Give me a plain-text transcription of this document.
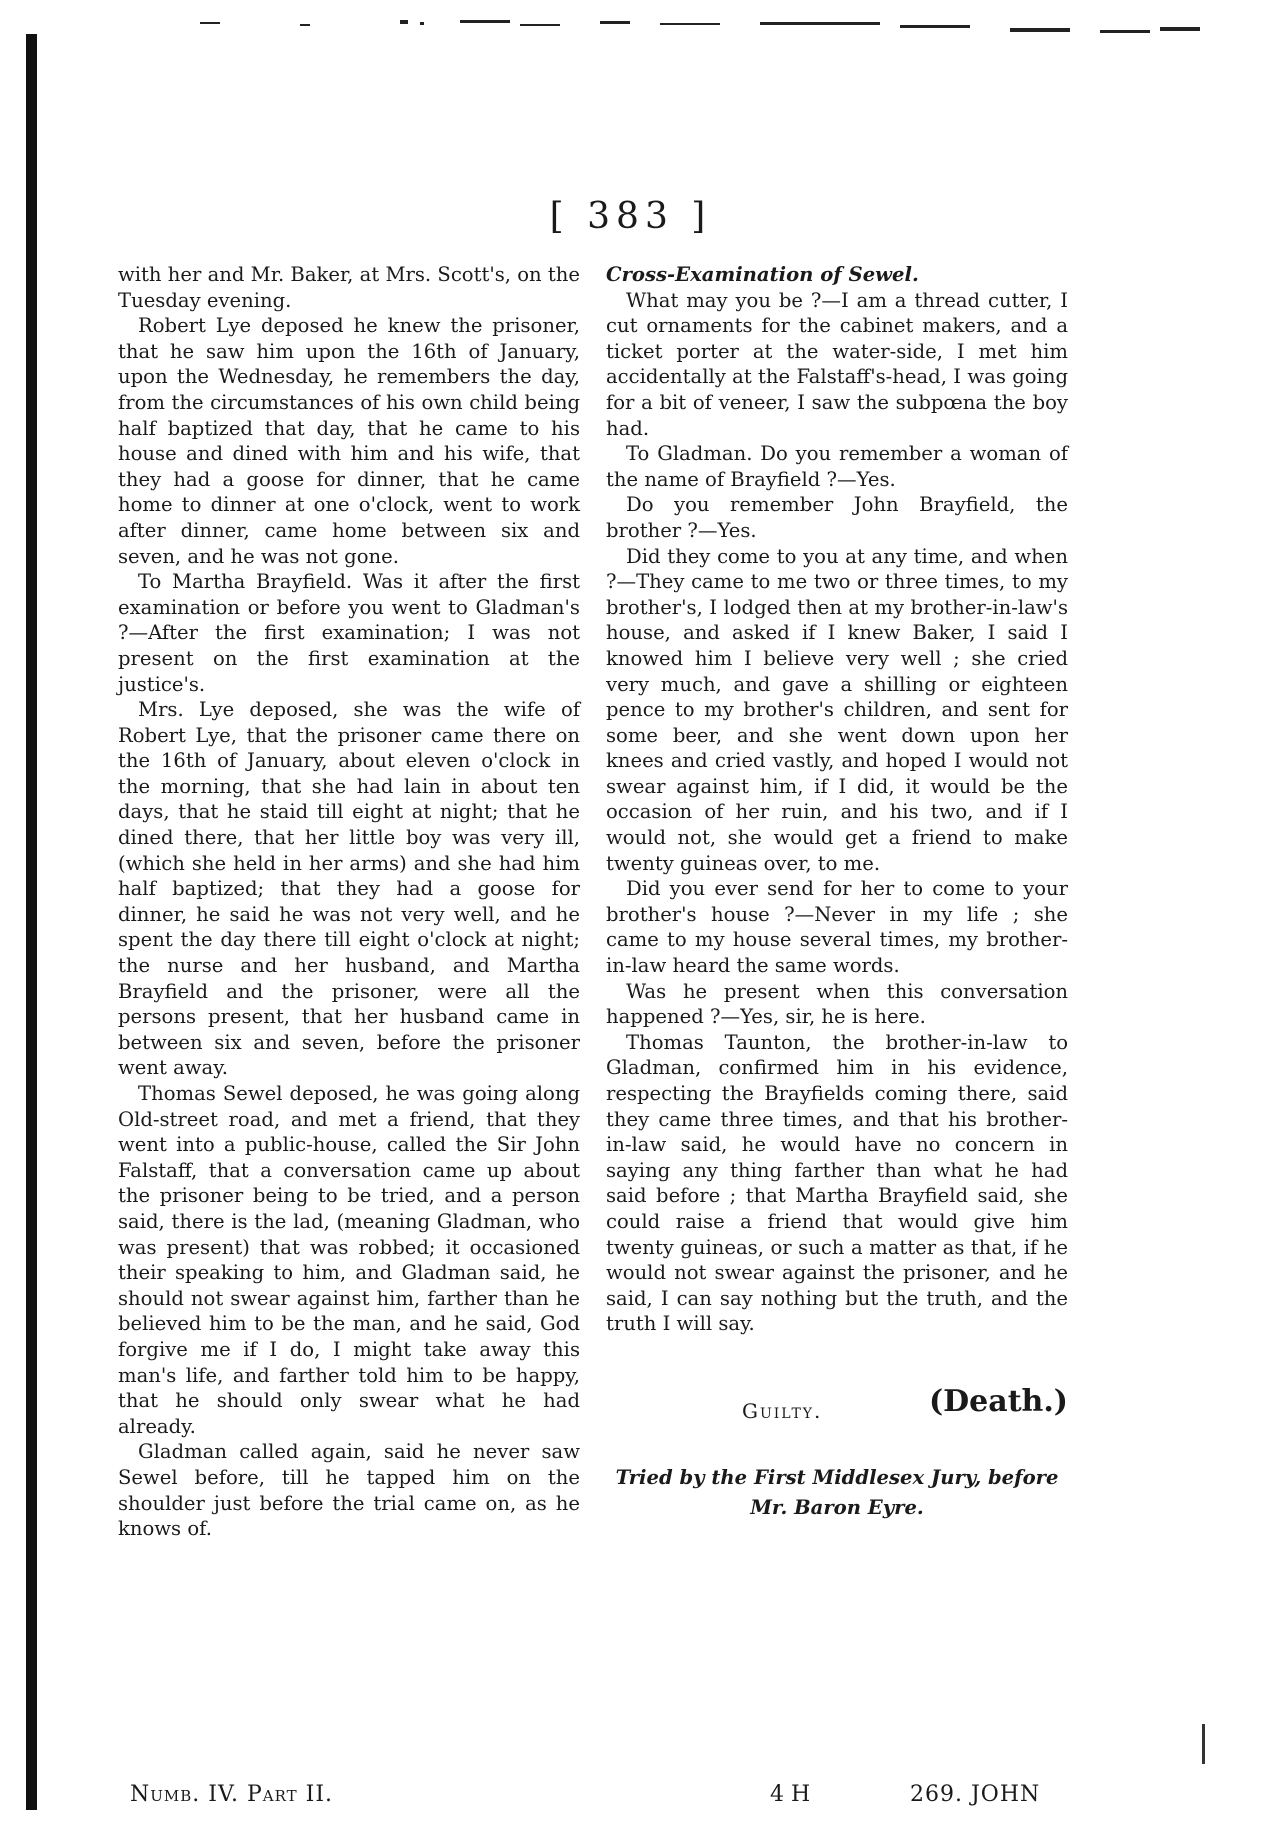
[ 383 ]

with her and Mr. Baker, at Mrs. Scott's, on the Tuesday evening.

Robert Lye deposed he knew the prisoner, that he saw him upon the 16th of January, upon the Wednesday, he remembers the day, from the circumstances of his own child being half baptized that day, that he came to his house and dined with him and his wife, that they had a goose for dinner, that he came home to dinner at one o'clock, went to work after dinner, came home between six and seven, and he was not gone.

To Martha Brayfield. Was it after the first examination or before you went to Gladman's ?—After the first examination; I was not present on the first examination at the justice's.

Mrs. Lye deposed, she was the wife of Robert Lye, that the prisoner came there on the 16th of January, about eleven o'clock in the morning, that she had lain in about ten days, that he staid till eight at night; that he dined there, that her little boy was very ill, (which she held in her arms) and she had him half baptized; that they had a goose for dinner, he said he was not very well, and he spent the day there till eight o'clock at night; the nurse and her husband, and Martha Brayfield and the prisoner, were all the persons present, that her husband came in between six and seven, before the prisoner went away.

Thomas Sewel deposed, he was going along Old-street road, and met a friend, that they went into a public-house, called the Sir John Falstaff, that a conversation came up about the prisoner being to be tried, and a person said, there is the lad, (meaning Gladman, who was present) that was robbed; it occasioned their speaking to him, and Gladman said, he should not swear against him, farther than he believed him to be the man, and he said, God forgive me if I do, I might take away this man's life, and farther told him to be happy, that he should only swear what he had already.

Gladman called again, said he never saw Sewel before, till he tapped him on the shoulder just before the trial came on, as he knows of.

Cross-Examination of Sewel.

What may you be ?—I am a thread cutter, I cut ornaments for the cabinet makers, and a ticket porter at the water-side, I met him accidentally at the Falstaff's-head, I was going for a bit of veneer, I saw the subpœna the boy had.

To Gladman. Do you remember a woman of the name of Brayfield ?—Yes.

Do you remember John Brayfield, the brother ?—Yes.

Did they come to you at any time, and when ?—They came to me two or three times, to my brother's, I lodged then at my brother-in-law's house, and asked if I knew Baker, I said I knowed him I believe very well ; she cried very much, and gave a shilling or eighteen pence to my brother's children, and sent for some beer, and she went down upon her knees and cried vastly, and hoped I would not swear against him, if I did, it would be the occasion of her ruin, and his two, and if I would not, she would get a friend to make twenty guineas over, to me.

Did you ever send for her to come to your brother's house ?—Never in my life ; she came to my house several times, my brother-in-law heard the same words.

Was he present when this conversation happened ?—Yes, sir, he is here.

Thomas Taunton, the brother-in-law to Gladman, confirmed him in his evidence, respecting the Brayfields coming there, said they came three times, and that his brother-in-law said, he would have no concern in saying any thing farther than what he had said before ; that Martha Brayfield said, she could raise a friend that would give him twenty guineas, or such a matter as that, if he would not swear against the prisoner, and he said, I can say nothing but the truth, and the truth I will say.

Guilty.	(Death.)
Tried by the First Middlesex Jury, before
Mr. Baron Eyre.
Numb. IV. Part II.	4 H	269. JOHN
